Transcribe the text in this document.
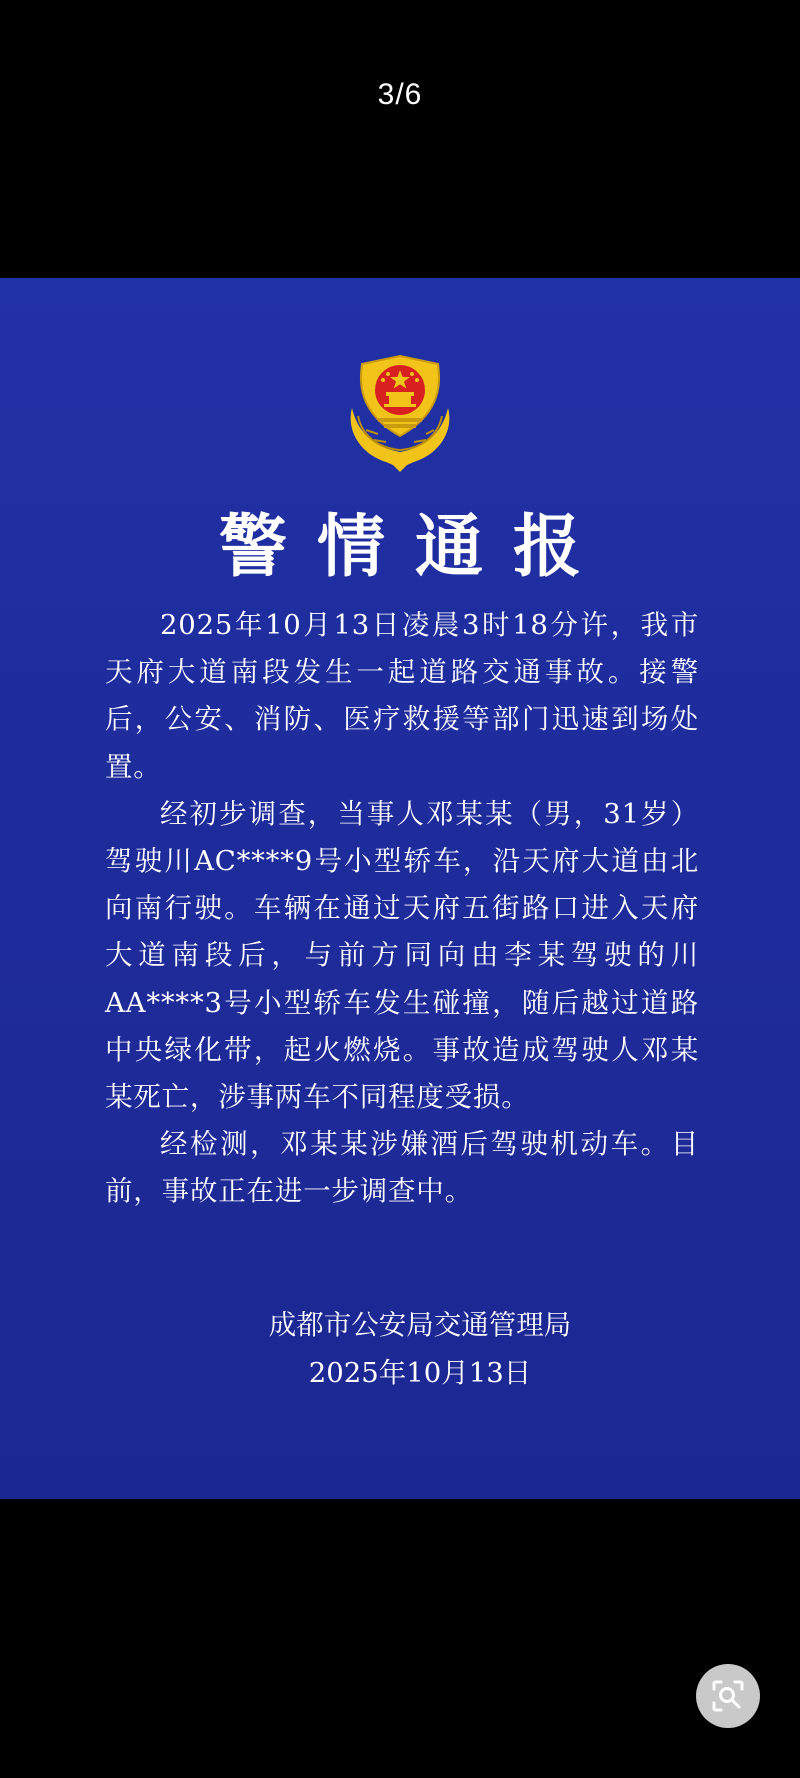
3/6
警情通报

2025年10月13日凌晨3时18分许，我市天府大道南段发生一起道路交通事故。接警后，公安、消防、医疗救援等部门迅速到场处置。

经初步调查，当事人邓某某（男，31岁）驾驶川AC****9号小型轿车，沿天府大道由北向南行驶。车辆在通过天府五街路口进入天府大道南段后，与前方同向由李某驾驶的川AA****3号小型轿车发生碰撞，随后越过道路中央绿化带，起火燃烧。事故造成驾驶人邓某某死亡，涉事两车不同程度受损。

经检测，邓某某涉嫌酒后驾驶机动车。目前，事故正在进一步调查中。

成都市公安局交通管理局
2025年10月13日
